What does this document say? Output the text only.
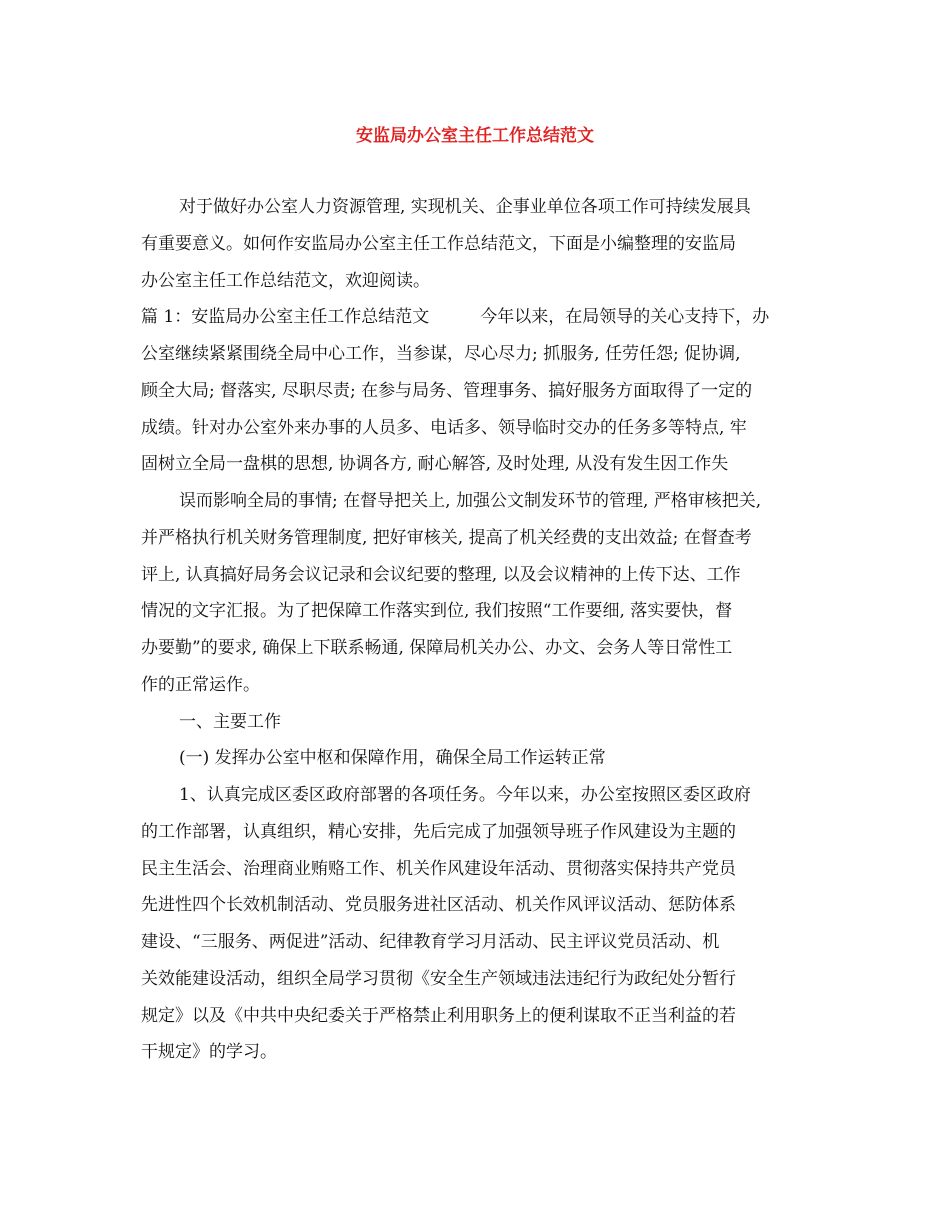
安监局办公室主任工作总结范文

对于做好办公室人力资源管理, 实现机关、企事业单位各项工作可持续发展具

有重要意义。如何作安监局办公室主任工作总结范文，下面是小编整理的安监局

办公室主任工作总结范文，欢迎阅读。

篇 1：安监局办公室主任工作总结范文　　　今年以来，在局领导的关心支持下，办

公室继续紧紧围绕全局中心工作，当参谋，尽心尽力; 抓服务, 任劳任怨; 促协调,

顾全大局; 督落实, 尽职尽责; 在参与局务、管理事务、搞好服务方面取得了一定的

成绩。针对办公室外来办事的人员多、电话多、领导临时交办的任务多等特点, 牢

固树立全局一盘棋的思想, 协调各方, 耐心解答, 及时处理, 从没有发生因工作失

误而影响全局的事情; 在督导把关上, 加强公文制发环节的管理, 严格审核把关,

并严格执行机关财务管理制度, 把好审核关, 提高了机关经费的支出效益; 在督查考

评上, 认真搞好局务会议记录和会议纪要的整理, 以及会议精神的上传下达、工作

情况的文字汇报。为了把保障工作落实到位, 我们按照“工作要细, 落实要快，督

办要勤”的要求, 确保上下联系畅通, 保障局机关办公、办文、会务人等日常性工

作的正常运作。

一、主要工作

(一) 发挥办公室中枢和保障作用，确保全局工作运转正常

1、认真完成区委区政府部署的各项任务。今年以来，办公室按照区委区政府

的工作部署，认真组织，精心安排，先后完成了加强领导班子作风建设为主题的

民主生活会、治理商业贿赂工作、机关作风建设年活动、贯彻落实保持共产党员

先进性四个长效机制活动、党员服务进社区活动、机关作风评议活动、惩防体系

建设、“三服务、两促进”活动、纪律教育学习月活动、民主评议党员活动、机

关效能建设活动，组织全局学习贯彻《安全生产领域违法违纪行为政纪处分暂行

规定》以及《中共中央纪委关于严格禁止利用职务上的便利谋取不正当利益的若

干规定》的学习。
